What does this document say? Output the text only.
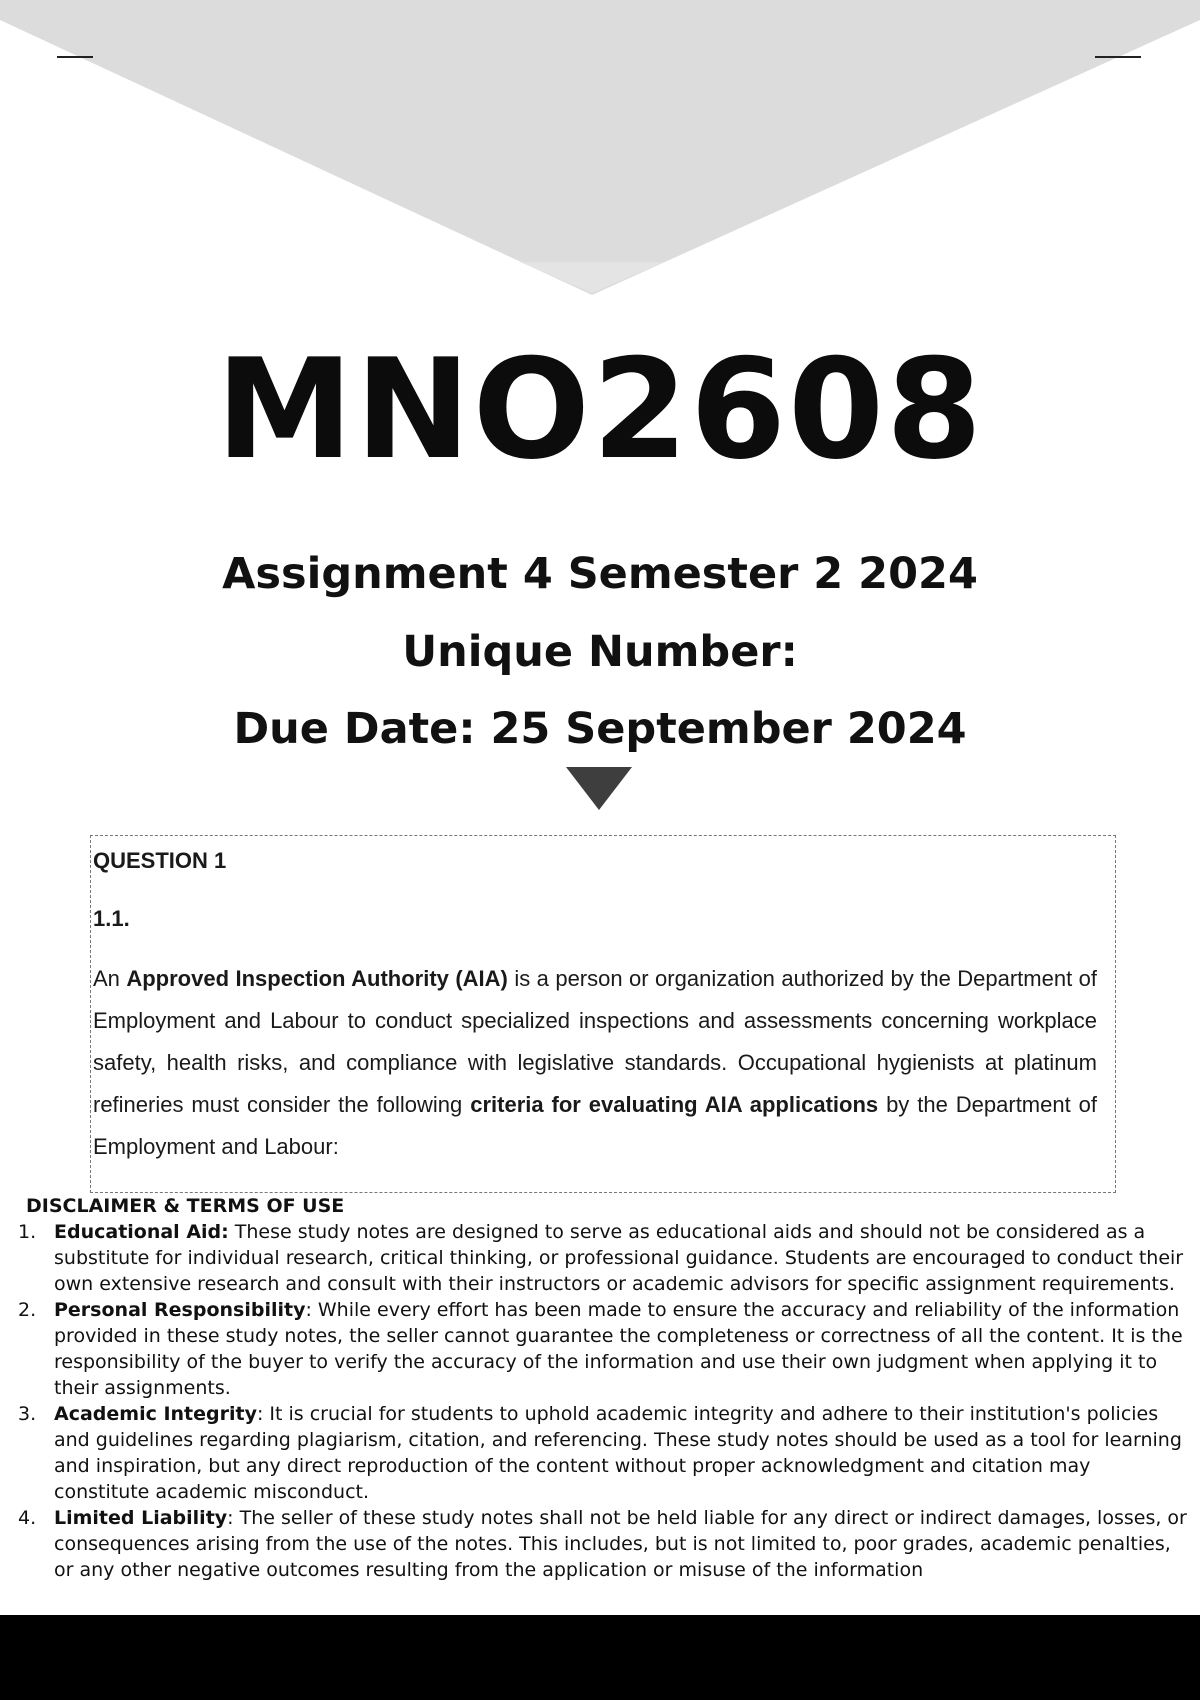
MNO2608
Assignment 4 Semester 2 2024
Unique Number:
Due Date: 25 September 2024
QUESTION 1
1.1.

An Approved Inspection Authority (AIA) is a person or organization authorized by the Department of Employment and Labour to conduct specialized inspections and assessments concerning workplace safety, health risks, and compliance with legislative standards. Occupational hygienists at platinum refineries must consider the following criteria for evaluating AIA applications by the Department of Employment and Labour:

DISCLAIMER & TERMS OF USE
1. Educational Aid: These study notes are designed to serve as educational aids and should not be considered as a substitute for individual research, critical thinking, or professional guidance. Students are encouraged to conduct their own extensive research and consult with their instructors or academic advisors for specific assignment requirements.
2. Personal Responsibility: While every effort has been made to ensure the accuracy and reliability of the information provided in these study notes, the seller cannot guarantee the completeness or correctness of all the content. It is the responsibility of the buyer to verify the accuracy of the information and use their own judgment when applying it to their assignments.
3. Academic Integrity: It is crucial for students to uphold academic integrity and adhere to their institution's policies and guidelines regarding plagiarism, citation, and referencing. These study notes should be used as a tool for learning and inspiration, but any direct reproduction of the content without proper acknowledgment and citation may constitute academic misconduct.
4. Limited Liability: The seller of these study notes shall not be held liable for any direct or indirect damages, losses, or consequences arising from the use of the notes. This includes, but is not limited to, poor grades, academic penalties, or any other negative outcomes resulting from the application or misuse of the information
